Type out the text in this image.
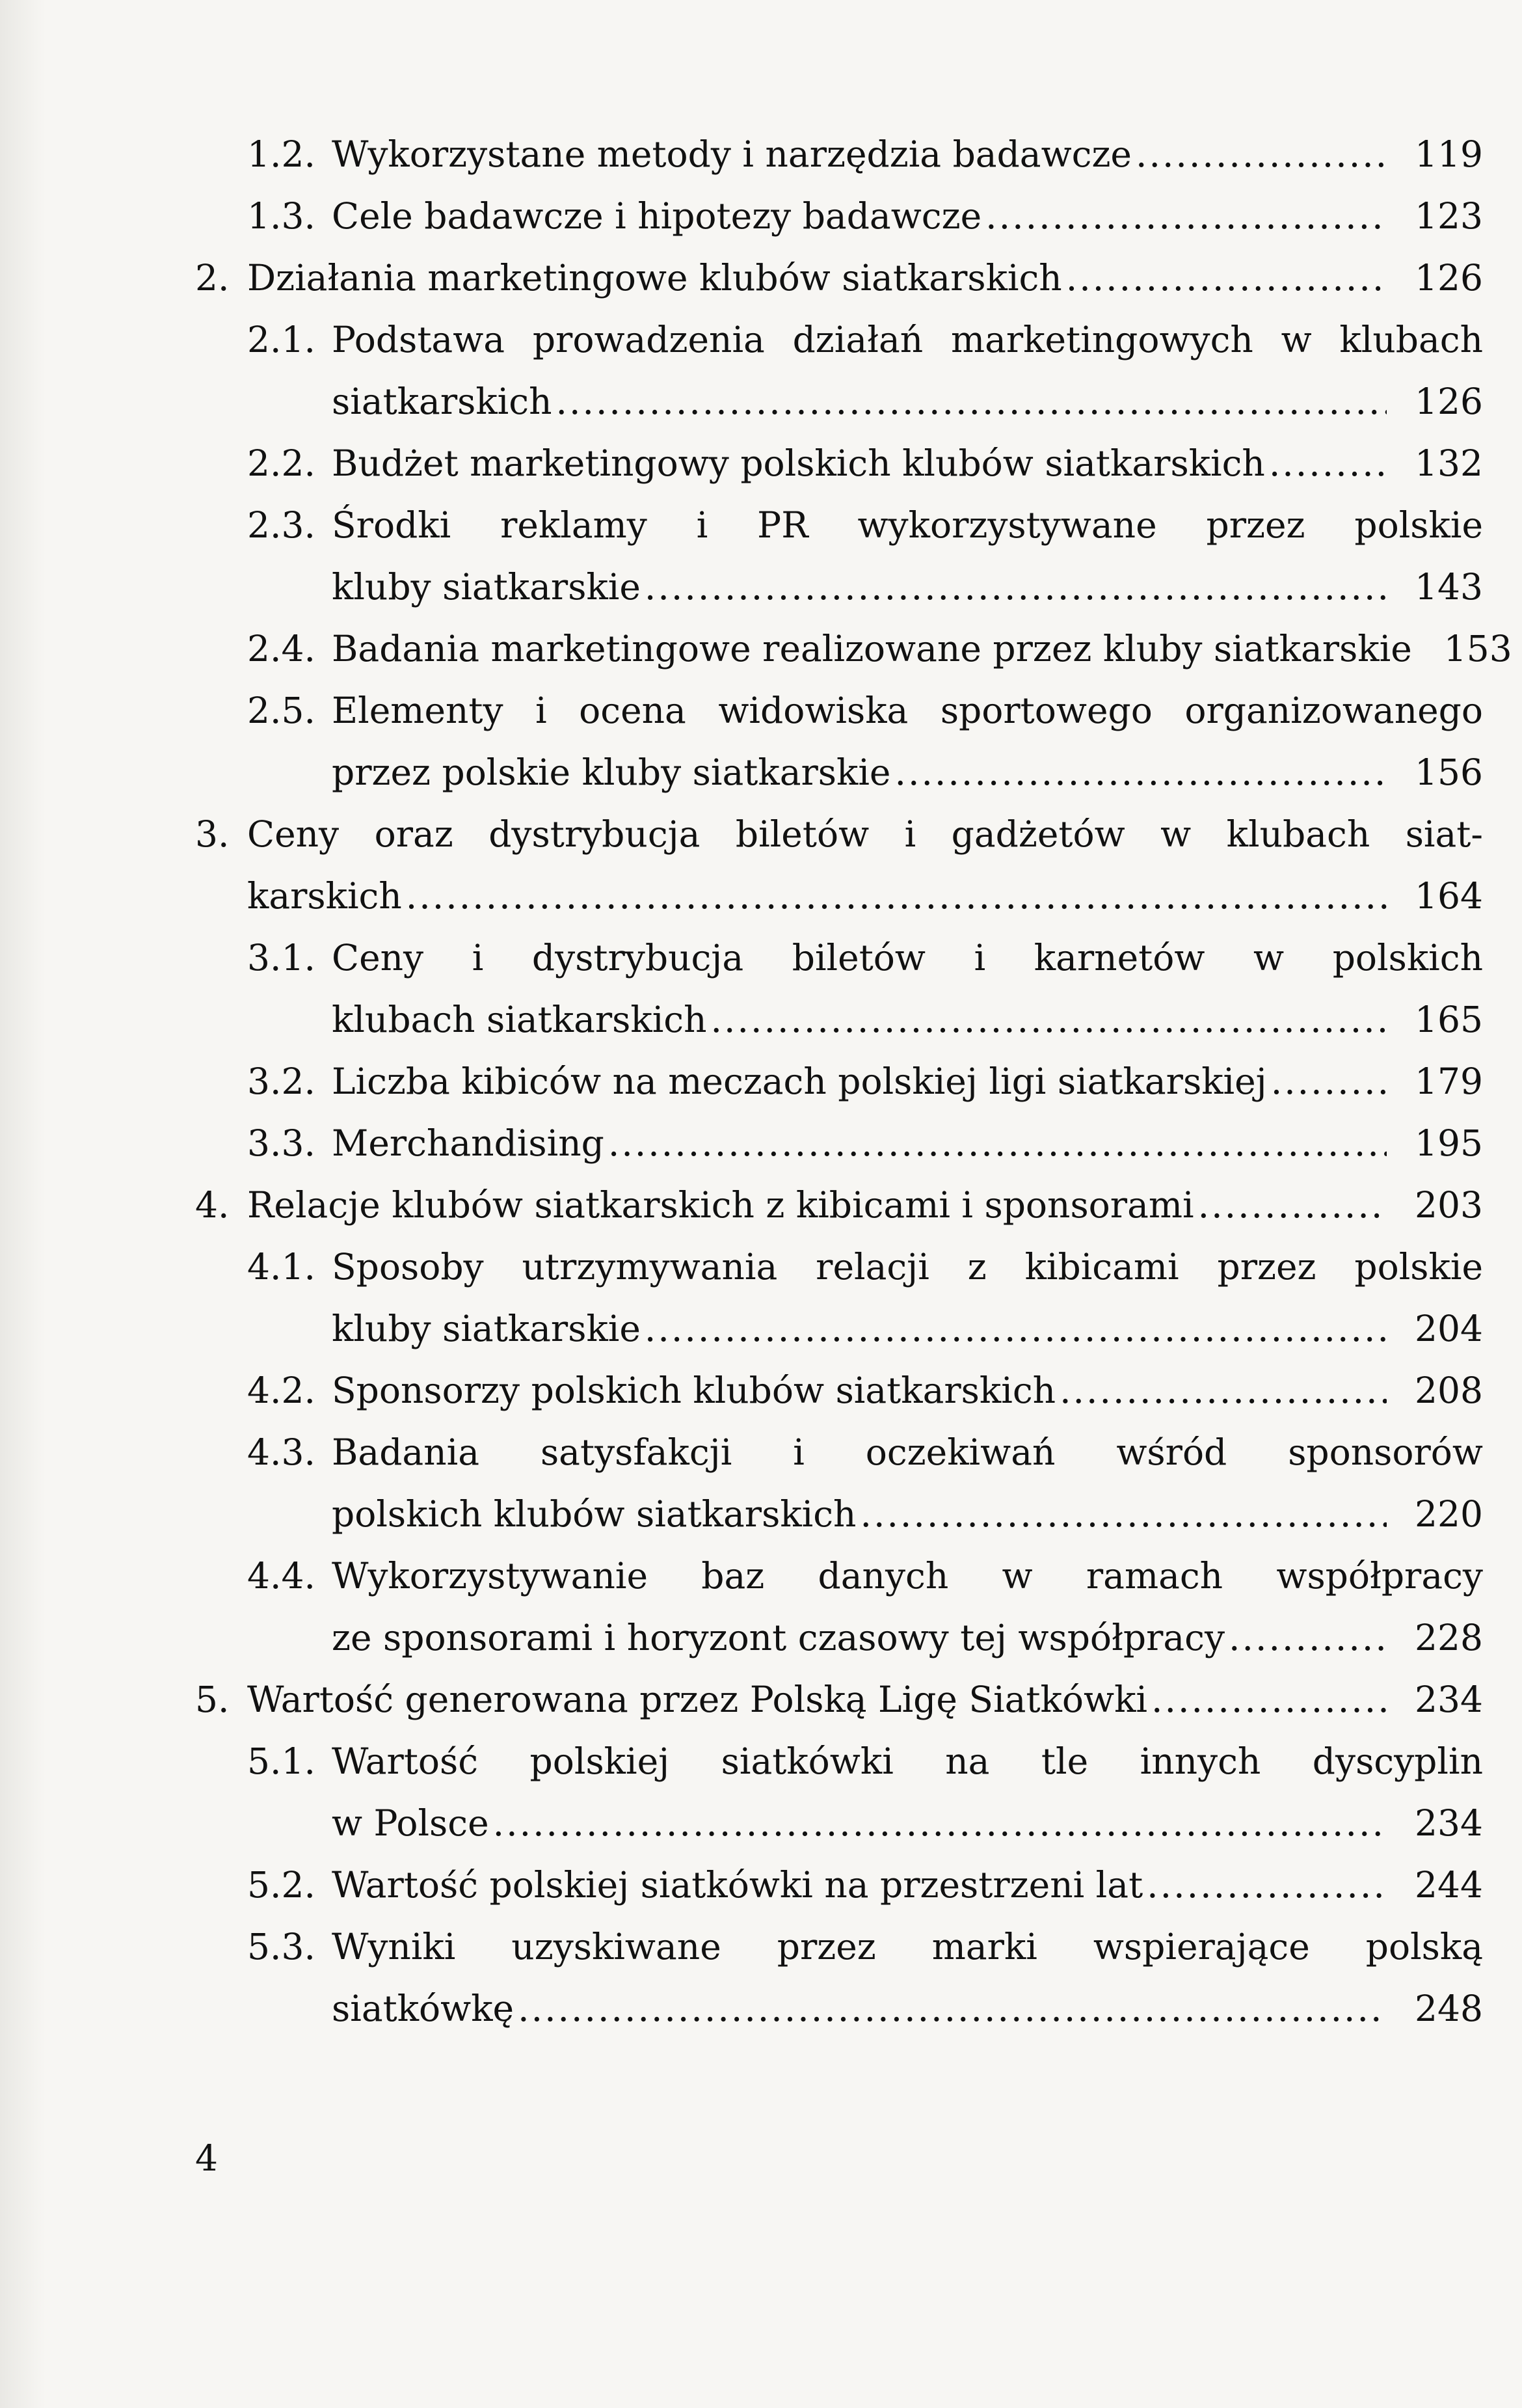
1.2. Wykorzystane metody i narzędzia badawcze .....	119
1.3. Cele badawcze i hipotezy badawcze .....	123
2. Działania marketingowe klubów siatkarskich .....	126
2.1. Podstawa prowadzenia działań marketingowych w klubach
siatkarskich .....	126
2.2. Budżet marketingowy polskich klubów siatkarskich .....	132
2.3. Środki reklamy i PR wykorzystywane przez polskie
kluby siatkarskie .....	143
2.4. Badania marketingowe realizowane przez kluby siatkarskie 153
2.5. Elementy i ocena widowiska sportowego organizowanego
przez polskie kluby siatkarskie .....	156
3. Ceny oraz dystrybucja biletów i gadżetów w klubach siat-
karskich .....	164
3.1. Ceny i dystrybucja biletów i karnetów w polskich
klubach siatkarskich .....	165
3.2. Liczba kibiców na meczach polskiej ligi siatkarskiej .....	179
3.3. Merchandising .....	195
4. Relacje klubów siatkarskich z kibicami i sponsorami .....	203
4.1. Sposoby utrzymywania relacji z kibicami przez polskie
kluby siatkarskie .....	204
4.2. Sponsorzy polskich klubów siatkarskich .....	208
4.3. Badania satysfakcji i oczekiwań wśród sponsorów
polskich klubów siatkarskich .....	220
4.4. Wykorzystywanie baz danych w ramach współpracy
ze sponsorami i horyzont czasowy tej współpracy .....	228
5. Wartość generowana przez Polską Ligę Siatkówki .....	234
5.1. Wartość polskiej siatkówki na tle innych dyscyplin
w Polsce .....	234
5.2. Wartość polskiej siatkówki na przestrzeni lat .....	244
5.3. Wyniki uzyskiwane przez marki wspierające polską
siatkówkę .....	248
4
